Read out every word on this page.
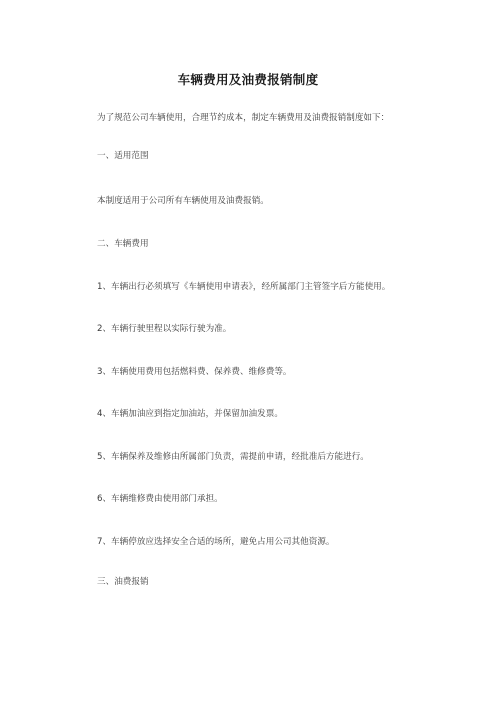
车辆费用及油费报销制度
为了规范公司车辆使用，合理节约成本，制定车辆费用及油费报销制度如下：
一、适用范围
本制度适用于公司所有车辆使用及油费报销。
二、车辆费用
1、车辆出行必须填写《车辆使用申请表》，经所属部门主管签字后方能使用。
2、车辆行驶里程以实际行驶为准。
3、车辆使用费用包括燃料费、保养费、维修费等。
4、车辆加油应到指定加油站，并保留加油发票。
5、车辆保养及维修由所属部门负责，需提前申请，经批准后方能进行。
6、车辆维修费由使用部门承担。
7、车辆停放应选择安全合适的场所，避免占用公司其他资源。
三、油费报销
